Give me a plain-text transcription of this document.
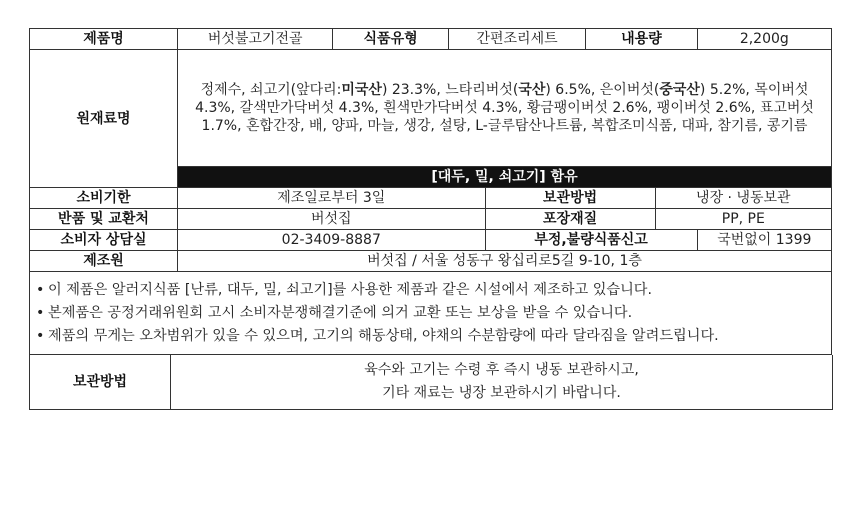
제품명	버섯불고기전골	식품유형	간편조리세트		내용량		2,200g
원재료명	정제수, 쇠고기(앞다리:미국산) 23.3%, 느타리버섯(국산) 6.5%, 은이버섯(중국산) 5.2%, 목이버섯 4.3%, 갈색만가닥버섯 4.3%, 흰색만가닥버섯 4.3%, 황금팽이버섯 2.6%, 팽이버섯 2.6%, 표고버섯 1.7%, 혼합간장, 배, 양파, 마늘, 생강, 설탕, L-글루탐산나트륨, 복합조미식품, 대파, 참기름, 콩기름						
	[대두, 밀, 쇠고기] 함유						
소비기한	제조일로부터 3일			보관방법		냉장 · 냉동보관	
반품 및 교환처	버섯집			포장재질		PP, PE	
소비자 상담실	02-3409-8887			부정,불량식품신고			국번없이 1399
제조원	버섯집 / 서울 성동구 왕십리로5길 9-10, 1층						
• 이 제품은 알러지식품 [난류, 대두, 밀, 쇠고기]를 사용한 제품과 같은 시설에서 제조하고 있습니다.
• 본제품은 공정거래위원회 고시 소비자분쟁해결기준에 의거 교환 또는 보상을 받을 수 있습니다.
• 제품의 무게는 오차범위가 있을 수 있으며, 고기의 해동상태, 야채의 수분함량에 따라 달라짐을 알려드립니다.
보관방법	
육수와 고기는 수령 후 즉시 냉동 보관하시고,
기타 재료는 냉장 보관하시기 바랍니다.
